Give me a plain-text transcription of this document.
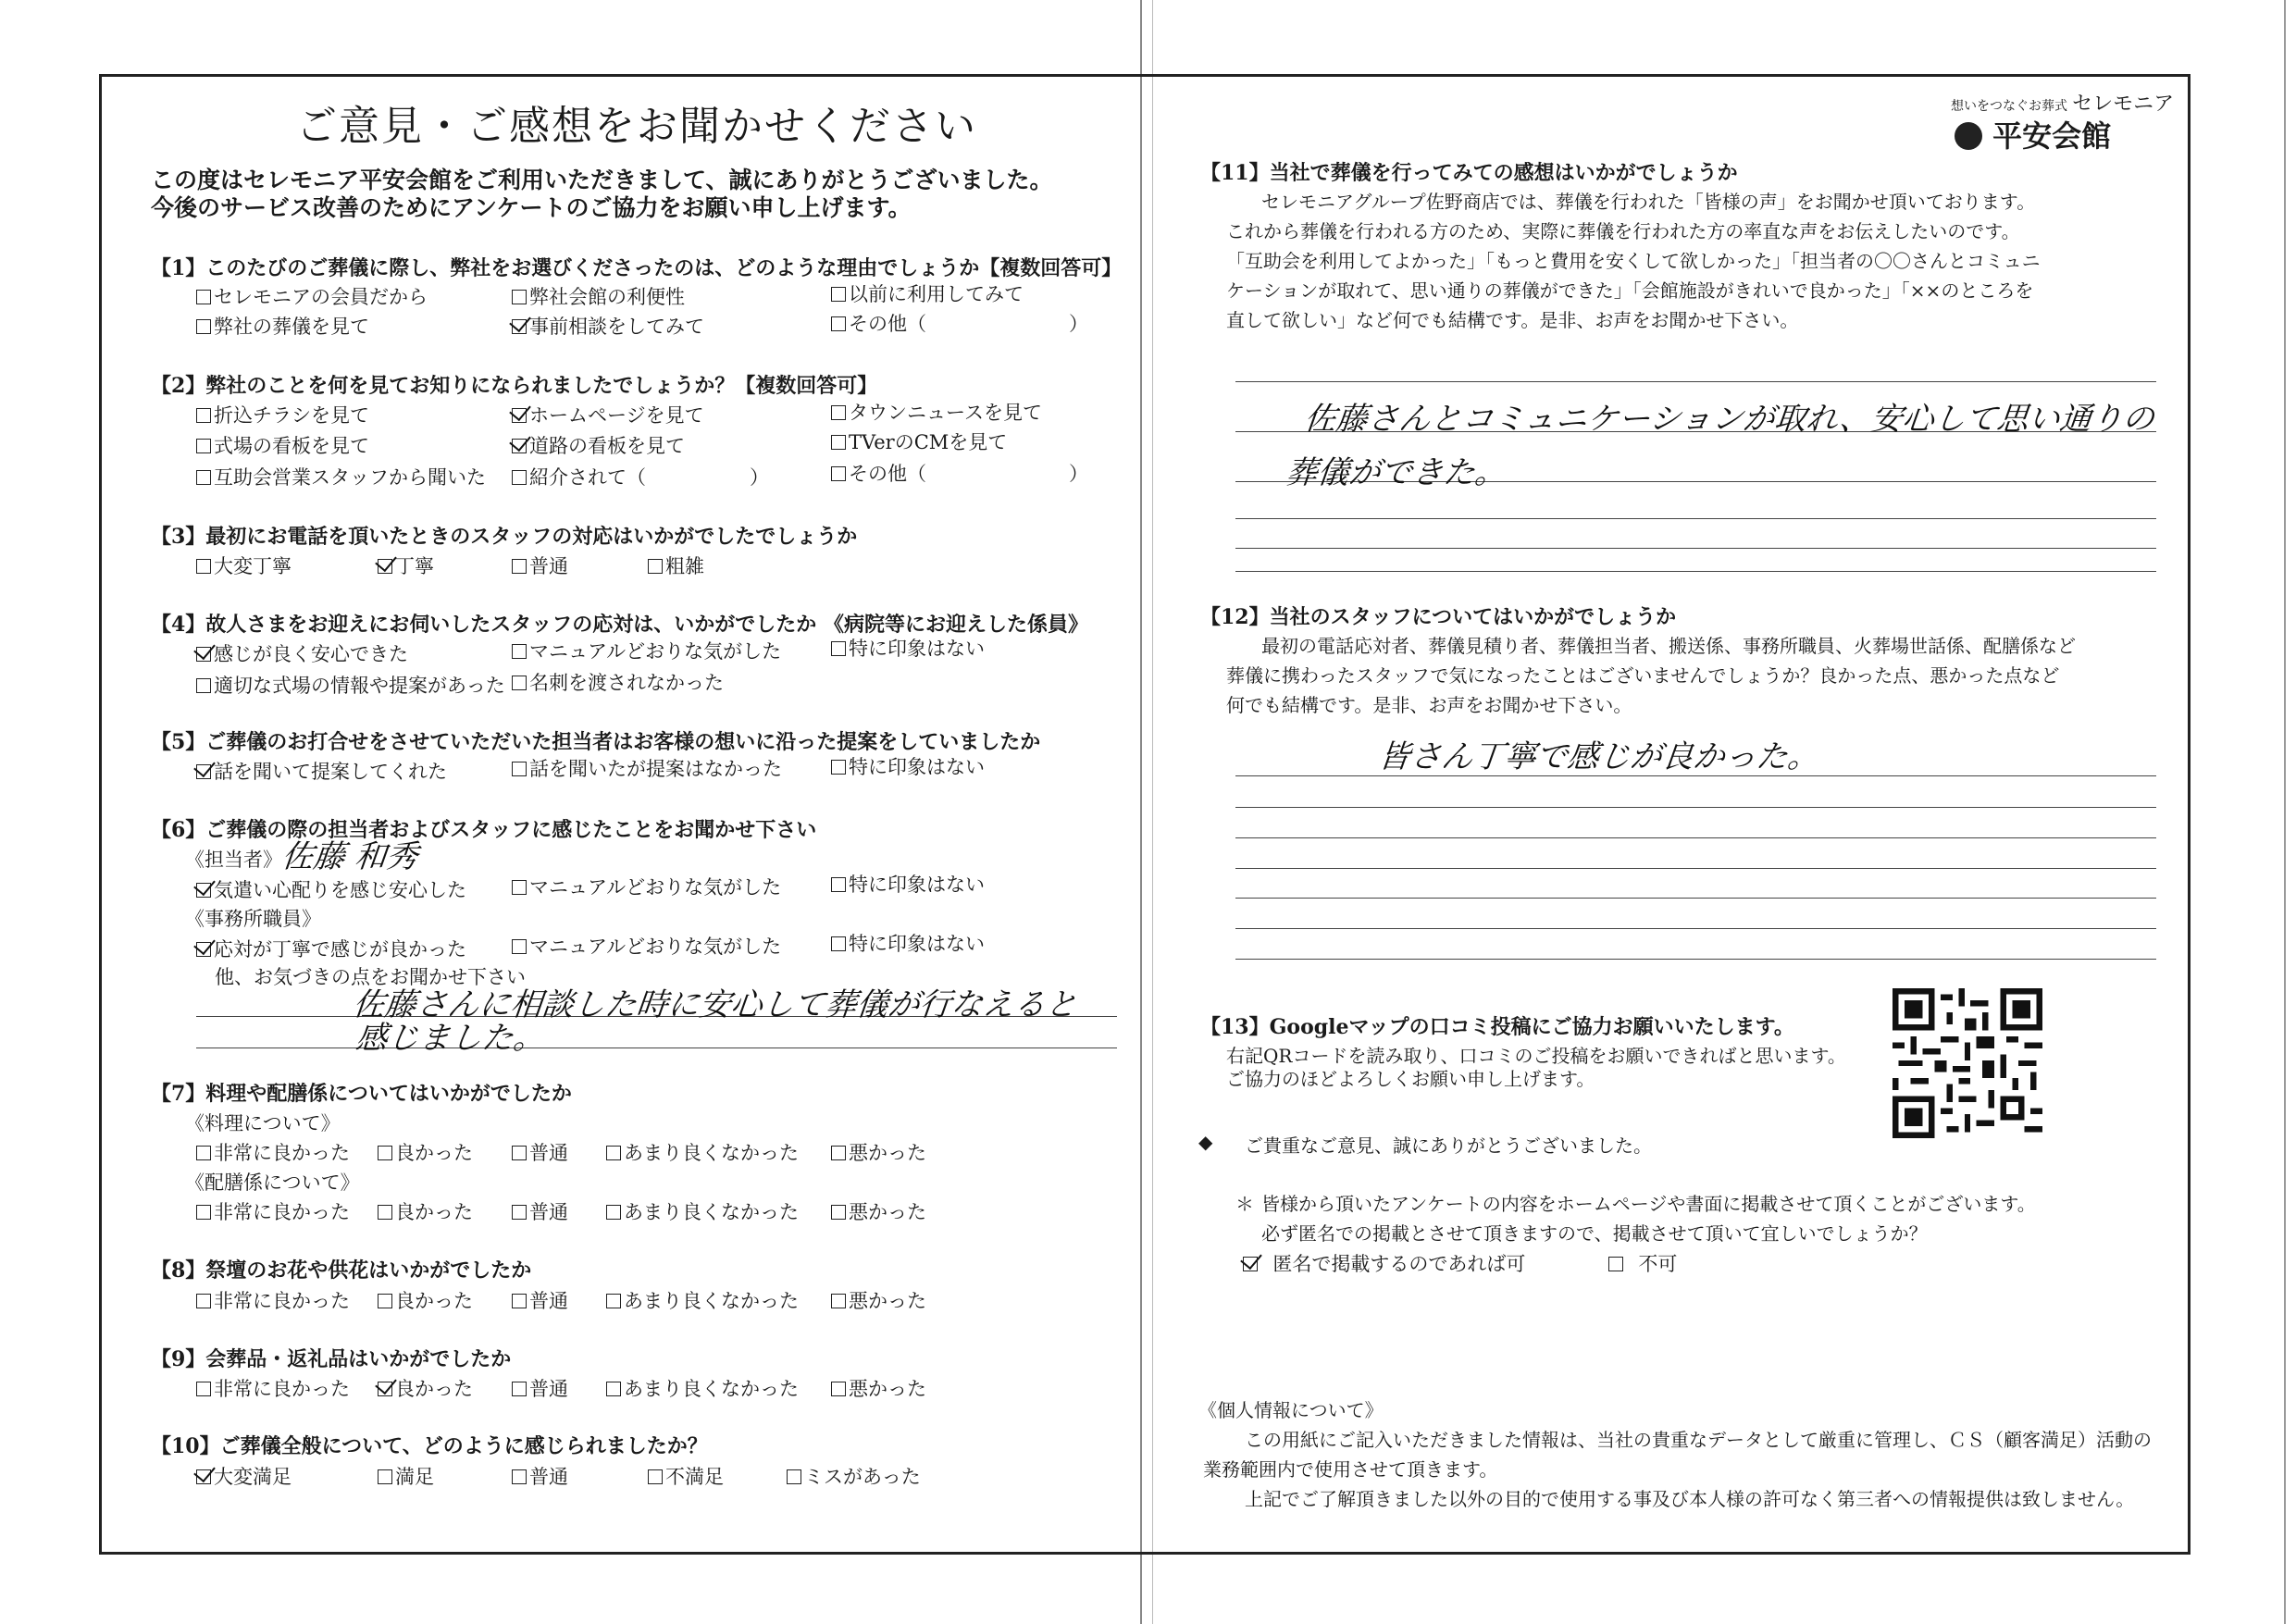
ご意見・ご感想をお聞かせください	想いをつなぐお葬式 セレモニア
平安会館
この度はセレモニア平安会館をご利用いただきまして、誠にありがとうございました。
今後のサービス改善のためにアンケートのご協力をお願い申し上げます。
【1】このたびのご葬儀に際し、弊社をお選びくださったのは、どのような理由でしょうか【複数回答可】
セレモニアの会員だから	弊社会館の利便性	以前に利用してみて
弊社の葬儀を見て	事前相談をしてみて	その他（	）
【2】弊社のことを何を見てお知りになられましたでしょうか？【複数回答可】
折込チラシを見て	ホームページを見て	タウンニュースを見て
式場の看板を見て	道路の看板を見て	TVerのCMを見て
互助会営業スタッフから聞いた	紹介されて（	）	その他（	）
【3】最初にお電話を頂いたときのスタッフの対応はいかがでしたでしょうか
大変丁寧	丁寧	普通	粗雑
【4】故人さまをお迎えにお伺いしたスタッフの応対は、いかがでしたか 《病院等にお迎えした係員》
感じが良く安心できた	マニュアルどおりな気がした	特に印象はない
適切な式場の情報や提案があった	名刺を渡されなかった
【5】ご葬儀のお打合せをさせていただいた担当者はお客様の想いに沿った提案をしていましたか
話を聞いて提案してくれた	話を聞いたが提案はなかった	特に印象はない
【6】ご葬儀の際の担当者およびスタッフに感じたことをお聞かせ下さい
《担当者》
佐藤 和秀
気遣い心配りを感じ安心した	マニュアルどおりな気がした	特に印象はない
《事務所職員》
応対が丁寧で感じが良かった	マニュアルどおりな気がした	特に印象はない
他、お気づきの点をお聞かせ下さい
佐藤さんに相談した時に安心して葬儀が行なえると
感じました。
【7】料理や配膳係についてはいかがでしたか
《料理について》
非常に良かった	良かった	普通	あまり良くなかった	悪かった
《配膳係について》
非常に良かった	良かった	普通	あまり良くなかった	悪かった
【8】祭壇のお花や供花はいかがでしたか
非常に良かった	良かった	普通	あまり良くなかった	悪かった
【9】会葬品・返礼品はいかがでしたか
非常に良かった	良かった	普通	あまり良くなかった	悪かった
【10】ご葬儀全般について、どのように感じられましたか？
大変満足	満足	普通	不満足	ミスがあった
【11】当社で葬儀を行ってみての感想はいかがでしょうか
セレモニアグループ佐野商店では、葬儀を行われた「皆様の声」をお聞かせ頂いております。
これから葬儀を行われる方のため、実際に葬儀を行われた方の率直な声をお伝えしたいのです。
「互助会を利用してよかった」「もっと費用を安くして欲しかった」「担当者の〇〇さんとコミュニ
ケーションが取れて、思い通りの葬儀ができた」「会館施設がきれいで良かった」「××のところを
直して欲しい」など何でも結構です。是非、お声をお聞かせ下さい。
佐藤さんとコミュニケーションが取れ、安心して思い通りの
葬儀ができた。
【12】当社のスタッフについてはいかがでしょうか
最初の電話応対者、葬儀見積り者、葬儀担当者、搬送係、事務所職員、火葬場世話係、配膳係など
葬儀に携わったスタッフで気になったことはございませんでしょうか？良かった点、悪かった点など
何でも結構です。是非、お声をお聞かせ下さい。
皆さん丁寧で感じが良かった。
【13】Googleマップの口コミ投稿にご協力お願いいたします。
右記QRコードを読み取り、口コミのご投稿をお願いできればと思います。
ご協力のほどよろしくお願い申し上げます。
◆ ご貴重なご意見、誠にありがとうございました。
＊ 皆様から頂いたアンケートの内容をホームページや書面に掲載させて頂くことがございます。
必ず匿名での掲載とさせて頂きますので、掲載させて頂いて宜しいでしょうか？
匿名で掲載するのであれば可	不可
《個人情報について》
この用紙にご記入いただきました情報は、当社の貴重なデータとして厳重に管理し、ＣＳ（顧客満足）活動の
業務範囲内で使用させて頂きます。
上記でご了解頂きました以外の目的で使用する事及び本人様の許可なく第三者への情報提供は致しません。
